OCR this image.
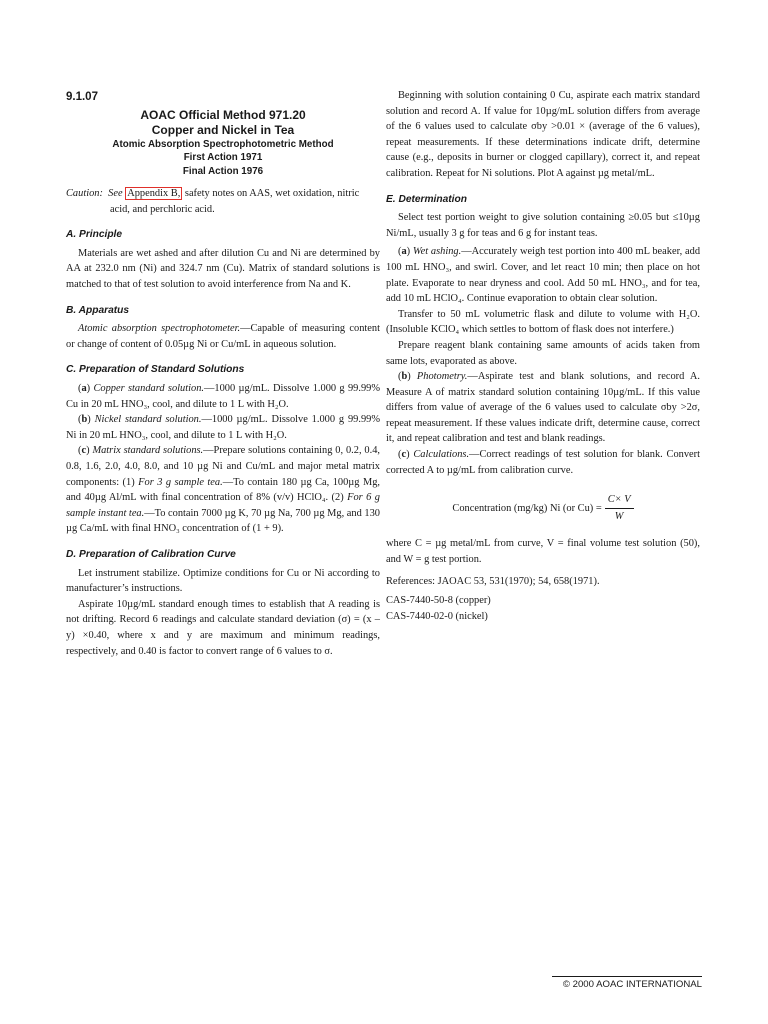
9.1.07
AOAC Official Method 971.20
Copper and Nickel in Tea
Atomic Absorption Spectrophotometric Method
First Action 1971
Final Action 1976
Caution: See Appendix B, safety notes on AAS, wet oxidation, nitric acid, and perchloric acid.
A. Principle

Materials are wet ashed and after dilution Cu and Ni are determined by AA at 232.0 nm (Ni) and 324.7 nm (Cu). Matrix of standard solutions is matched to that of test solution to avoid interference from Na and K.

B. Apparatus

Atomic absorption spectrophotometer.—Capable of measuring content or change of content of 0.05µg Ni or Cu/mL in aqueous solution.

C. Preparation of Standard Solutions

(a) Copper standard solution.—1000 µg/mL. Dissolve 1.000 g 99.99% Cu in 20 mL HNO₃, cool, and dilute to 1 L with H₂O.

(b) Nickel standard solution.—1000 µg/mL. Dissolve 1.000 g 99.99% Ni in 20 mL HNO₃, cool, and dilute to 1 L with H₂O.

(c) Matrix standard solutions.—Prepare solutions containing 0, 0.2, 0.4, 0.8, 1.6, 2.0, 4.0, 8.0, and 10 µg Ni and Cu/mL and major metal matrix components: (1) For 3 g sample tea.—To contain 180 µg Ca, 100µg Mg, and 40µg Al/mL with final concentration of 8% (v/v) HClO₄. (2) For 6 g sample instant tea.—To contain 7000 µg K, 70 µg Na, 700 µg Mg, and 130 µg Ca/mL with final HNO₃ concentration of (1 + 9).

D. Preparation of Calibration Curve

Let instrument stabilize. Optimize conditions for Cu or Ni according to manufacturer’s instructions.

Aspirate 10µg/mL standard enough times to establish that A reading is not drifting. Record 6 readings and calculate standard deviation (σ) = (x – y) ×0.40, where x and y are maximum and minimum readings, respectively, and 0.40 is factor to convert range of 6 values to σ.

Beginning with solution containing 0 Cu, aspirate each matrix standard solution and record A. If value for 10µg/mL solution differs from average of the 6 values used to calculate σby >0.01 × (average of the 6 values), repeat measurements. If these determinations indicate drift, determine cause (e.g., deposits in burner or clogged capillary), correct it, and repeat calibration. Repeat for Ni solutions. Plot A against µg metal/mL.

E. Determination

Select test portion weight to give solution containing ≥0.05 but ≤10µg Ni/mL, usually 3 g for teas and 6 g for instant teas.

(a) Wet ashing.—Accurately weigh test portion into 400 mL beaker, add 100 mL HNO₃, and swirl. Cover, and let react 10 min; then place on hot plate. Evaporate to near dryness and cool. Add 50 mL HNO₃, and for tea, add 10 mL HClO₄. Continue evaporation to obtain clear solution.

Transfer to 50 mL volumetric flask and dilute to volume with H₂O. (Insoluble KClO₄ which settles to bottom of flask does not interfere.)

Prepare reagent blank containing same amounts of acids taken from same lots, evaporated as above.

(b) Photometry.—Aspirate test and blank solutions, and record A. Measure A of matrix standard solution containing 10µg/mL. If this value differs from value of average of the 6 values used to calculate σby >2σ, repeat measurement. If these values indicate drift, determine cause, correct it, and repeat calibration and test and blank readings.

(c) Calculations.—Correct readings of test solution for blank. Convert corrected A to µg/mL from calibration curve.

Concentration (mg/kg) Ni (or $Cu) = \frac{C\times V}{W}$

where C = µg metal/mL from curve, V = final volume test solution (50), and W = g test portion.

References: JAOAC 53, 531(1970); 54, 658(1971).

CAS-7440-50-8 (copper)

CAS-7440-02-0 (nickel)

© 2000 AOAC INTERNATIONAL
